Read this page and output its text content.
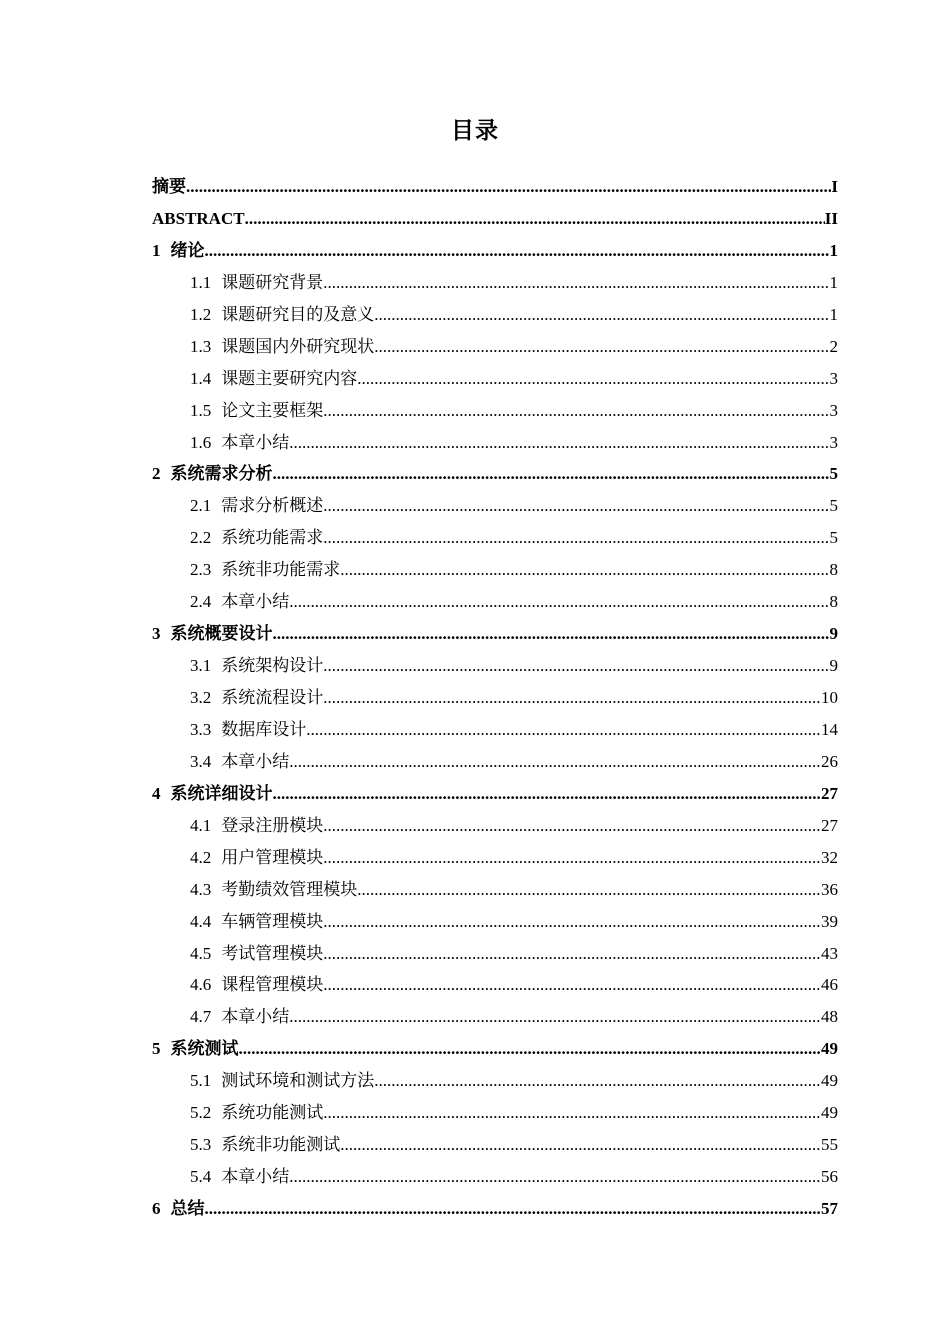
目录
摘要 .....	I
ABSTRACT .....	II
1 绪论 .....	1
1.1 课题研究背景 .....	1
1.2 课题研究目的及意义 .....	1
1.3 课题国内外研究现状 .....	2
1.4 课题主要研究内容 .....	3
1.5 论文主要框架 .....	3
1.6 本章小结 .....	3
2 系统需求分析 .....	5
2.1 需求分析概述 .....	5
2.2 系统功能需求 .....	5
2.3 系统非功能需求 .....	8
2.4 本章小结 .....	8
3 系统概要设计 .....	9
3.1 系统架构设计 .....	9
3.2 系统流程设计 .....	10
3.3 数据库设计 .....	14
3.4 本章小结 .....	26
4 系统详细设计 .....	27
4.1 登录注册模块 .....	27
4.2 用户管理模块 .....	32
4.3 考勤绩效管理模块 .....	36
4.4 车辆管理模块 .....	39
4.5 考试管理模块 .....	43
4.6 课程管理模块 .....	46
4.7 本章小结 .....	48
5 系统测试 .....	49
5.1 测试环境和测试方法 .....	49
5.2 系统功能测试 .....	49
5.3 系统非功能测试 .....	55
5.4 本章小结 .....	56
6 总结 .....	57
